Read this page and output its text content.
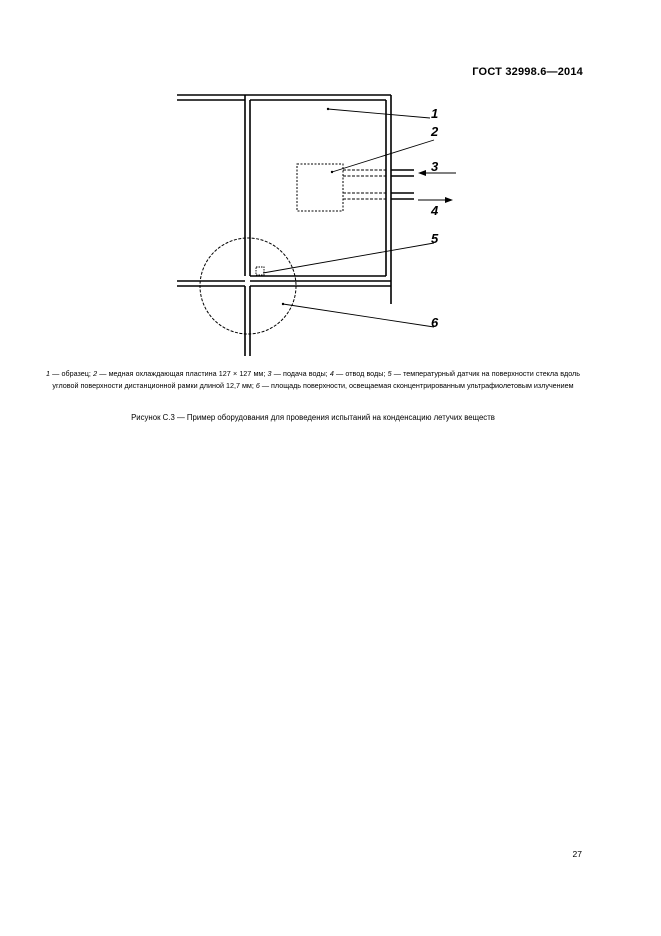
ГОСТ 32998.6—2014
1
2
3
4
5
6
1 — образец; 2 — медная охлаждающая пластина 127 × 127 мм; 3 — подача воды; 4 — отвод воды; 5 — температурный датчик на поверхности стекла вдоль угловой поверхности дистанционной рамки длиной 12,7 мм; 6 — площадь поверхности, освещаемая сконцентрированным ультрафиолетовым излучением
Рисунок С.3 — Пример оборудования для проведения испытаний на конденсацию летучих веществ
27
